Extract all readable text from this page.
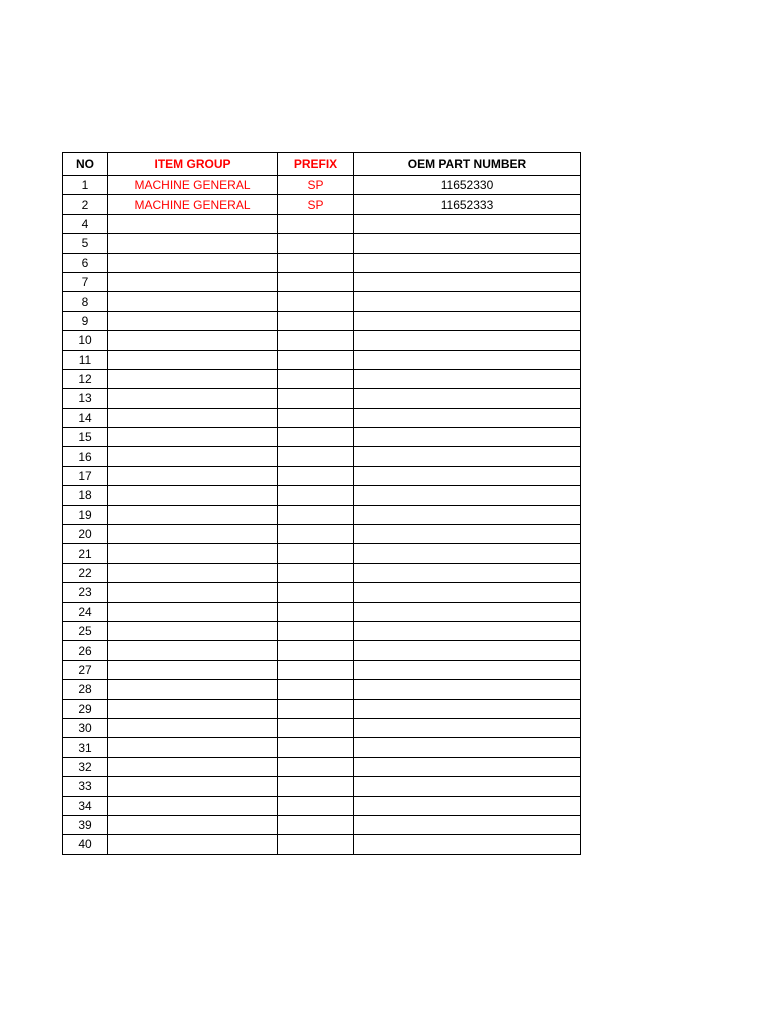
NO	ITEM GROUP	PREFIX	OEM PART NUMBER
1	MACHINE GENERAL	SP	11652330
2	MACHINE GENERAL	SP	11652333
4			
5			
6			
7			
8			
9			
10			
11			
12			
13			
14			
15			
16			
17			
18			
19			
20			
21			
22			
23			
24			
25			
26			
27			
28			
29			
30			
31			
32			
33			
34			
39			
40			
